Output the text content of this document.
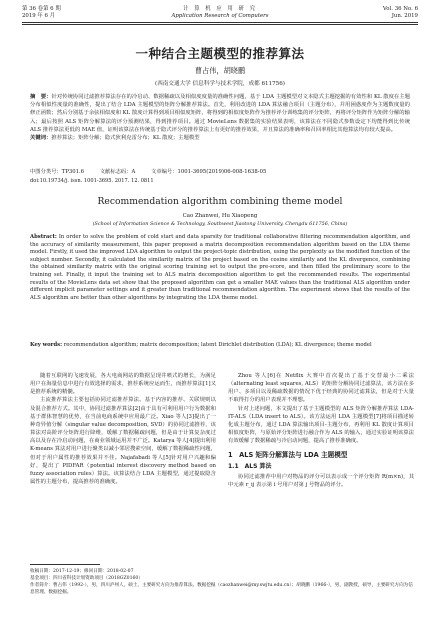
第 36 卷第 6 期
2019 年 6 月
计 算 机 应 用 研 究
Application Research of Computers
Vol. 36 No. 6
Jun. 2019
一种结合主题模型的推荐算法
曹占伟，胡晓鹏
(西南交通大学 信息科学与技术学院，成都 611756)
摘　要：针对传统协同过滤推荐算法存在的冷启动、数据稀疏以及相似度度量的准确性问题，基于 LDA 主题模型对文本隐式主题挖掘的有效性和 KL 散度在主题分布相似性度量的准确性，提出了结合 LDA 主题模型的矩阵分解推荐算法。首先，利用改进的 LDA 算法融合项目（主题分布），并用困惑度作为主题数度量的修正函数；然后分别基于余弦相似度和 KL 散度计算得到项目相似度矩阵，将得到的相似度矩阵作为推荐评分训练集的评分矩阵，再将评分矩阵作为矩阵分解的输入；最后按照 ALS 矩阵分解算法的评分预测结果，得到推荐项目。通过 MovieLens 数据集的实验结果表明，该算法在不同隐式参数设定下均能得到比传统 ALS 推荐算法更低的 MAE 值，证明该算法在传统基于隐式评分的推荐算法上有更好的推荐效果，并且算法的准确率和召回率相比其他算法均有较大提高。
关键词：推荐算法；矩阵分解；隐式狄利克雷分布；KL 散度；主题模型
中图分类号：TP301.6	文献标志码：A	文章编号：1001-3695(2019)06-008-1638-05
doi:10.19734/j. issn. 1001-3695. 2017. 12. 0811
Recommendation algorithm combining theme model
Cao Zhanwei, Hu Xiaopeng
(School of Information Science & Technology, Southwest Jiaotong University, Chengdu 611756, China)
Abstract: In order to solve the problem of cold start and data sparsity for traditional collaborative filtering recommendation algorithm, and the accuracy of similarity measurement, this paper proposed a matrix decomposition recommendation algorithm based on the LDA theme model. Firstly, it used the improved LDA algorithm to output the project-topic distribution, using the perplexity as the modified function of the subject number. Secondly, it calculated the similarity matrix of the project based on the cosine similarity and the KL divergence, combining the obtained similarity matrix with the original scoring training set to output the pre-score, and then filled the preliminary score to the training set. Finally, it input the training set to ALS matrix decomposition algorithm to get the recommended results. The experimental results of the MovieLens data set show that the proposed algorithm can get a smaller MAE values than the traditional ALS algorithm under different implicit parameter settings and it greater than traditional recommendation algorithm. The experiment shows that the results of the ALS algorithm are better than other algorithms by integrating the LDA theme model.
Key words: recommendation algorithm; matrix decomposition; latent Dirichlet distribution (LDA); KL divergence; theme model

随着互联网的飞速发展，各大电商网站的数据呈现井喷式的增长，为满足用户在海量信息中进行有效选择的需求，推荐系统应运而生，而推荐算法[1]又是推荐系统的精髓。

主流推荐算法主要包括协同过滤推荐算法、基于内容的推荐、关联规则以及混合推荐方式。其中，协同过滤推荐算法[2]由于具有可利用用户行为数据和基于群体智慧的优势，在当前电商系统中应用最广泛。Xiao 等人[3]提出了一种奇异值分解（singular value decomposition, SVD）的协同过滤推荐，该算法对高阶评分矩阵进行降维，缓解了数据稀疏问题，但是由于计算复杂度过高以及存在冷启动问题，在商业领域运用并不广泛。Katarya 等人[4]提出利用 K-means 算法对用户进行聚类以减小邻居搜索空间，缓解了数据稀疏性问题，但对于用户属性的推荐效果并不佳。Najafabadi 等人[5]针对用户兴趣和偏好，提出了 PIDFAR（potential interest discovery method based on fuzzy association rules）算法。该算法结合 LDA 主题模型，通过提取隐含属性的主题分布，提高推荐的准确度。

Zhou 等人[6]在 Netflix 大赛中首次提出了基于交替最小二乘法（alternating least squares, ALS）的矩阵分解协同过滤算法，该方法在多用户、多项目以及稀疏数据的情况下优于经典的协同过滤算法，但是对于大量不取得打分的用户表现并不理想。

针对上述问题，本文提出了基于主题模型的 ALS 矩阵分解推荐算法 LDA-IT-ALS（LDA insert to ALS）。该方法运用 LDA 主题模型[7]将项目描述转化成主题分布，通过 LDA 算法输出项目-主题分布，再利用 KL 散度计算项目相似度矩阵，与原始评分矩阵进行融合作为 ALS 的输入，通过实验证明该算法有效缓解了数据稀疏与冷启动问题，提高了推荐准确度。

1　ALS 矩阵分解算法与 LDA 主题模型
1.1　ALS 算法

协同过滤推荐中用户对物品的评分可以表示成一个评分矩阵 R(m×n)，其中元素 r_ij 表示第 i 号用户对第 j 号物品的评分。

收稿日期：2017-12-19；修回日期：2018-02-07
基金项目：四川省科技计划资助项目（2018GZ0160）
作者简介：曹占伟（1992-），男，四川泸州人，硕士，主要研究方向为推荐算法、数据挖掘（caozhanwei@my.swjtu.edu.cn）；胡晓鹏（1966-），男，副教授，硕导，主要研究方向为信息管理、数据挖掘。
